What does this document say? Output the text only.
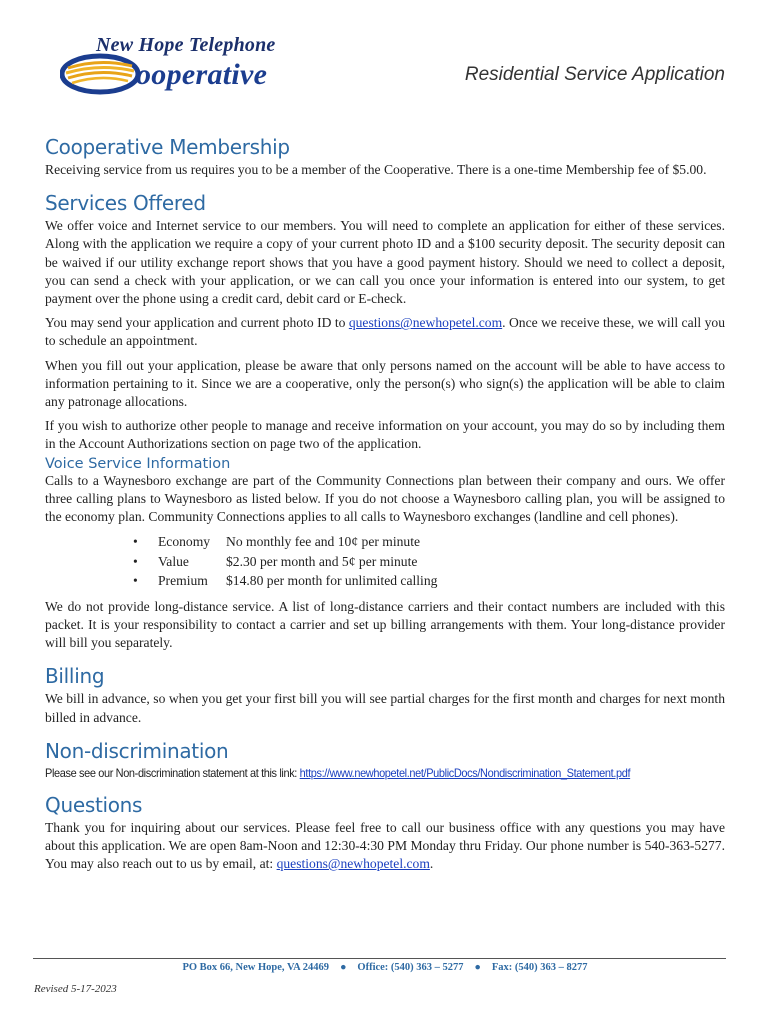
New Hope Telephone
ooperative	Residential Service Application
Cooperative Membership

Receiving service from us requires you to be a member of the Cooperative. There is a one-time Membership fee of $5.00.

Services Offered

We offer voice and Internet service to our members. You will need to complete an application for either of these services. Along with the application we require a copy of your current photo ID and a $100 security deposit. The security deposit can be waived if our utility exchange report shows that you have a good payment history. Should we need to collect a deposit, you can send a check with your application, or we can call you once your information is entered into our system, to get payment over the phone using a credit card, debit card or E-check.

You may send your application and current photo ID to questions@newhopetel.com. Once we receive these, we will call you to schedule an appointment.

When you fill out your application, please be aware that only persons named on the account will be able to have access to information pertaining to it. Since we are a cooperative, only the person(s) who sign(s) the application will be able to claim any patronage allocations.

If you wish to authorize other people to manage and receive information on your account, you may do so by including them in the Account Authorizations section on page two of the application.

Voice Service Information

Calls to a Waynesboro exchange are part of the Community Connections plan between their company and ours. We offer three calling plans to Waynesboro as listed below. If you do not choose a Waynesboro calling plan, you will be assigned to the economy plan. Community Connections applies to all calls to Waynesboro exchanges (landline and cell phones).

•	Economy	No monthly fee and 10¢ per minute
•	Value	$2.30 per month and 5¢ per minute
•	Premium	$14.80 per month for unlimited calling

We do not provide long-distance service. A list of long-distance carriers and their contact numbers are included with this packet. It is your responsibility to contact a carrier and set up billing arrangements with them. Your long-distance provider will bill you separately.

Billing

We bill in advance, so when you get your first bill you will see partial charges for the first month and charges for next month billed in advance.

Non-discrimination

Please see our Non-discrimination statement at this link: https://www.newhopetel.net/PublicDocs/Nondiscrimination_Statement.pdf

Questions

Thank you for inquiring about our services. Please feel free to call our business office with any questions you may have about this application. We are open 8am-Noon and 12:30-4:30 PM Monday thru Friday. Our phone number is 540-363-5277. You may also reach out to us by email, at: questions@newhopetel.com.

PO Box 66, New Hope, VA 24469 ● Office: (540) 363 – 5277 ● Fax: (540) 363 – 8277
Revised 5-17-2023
